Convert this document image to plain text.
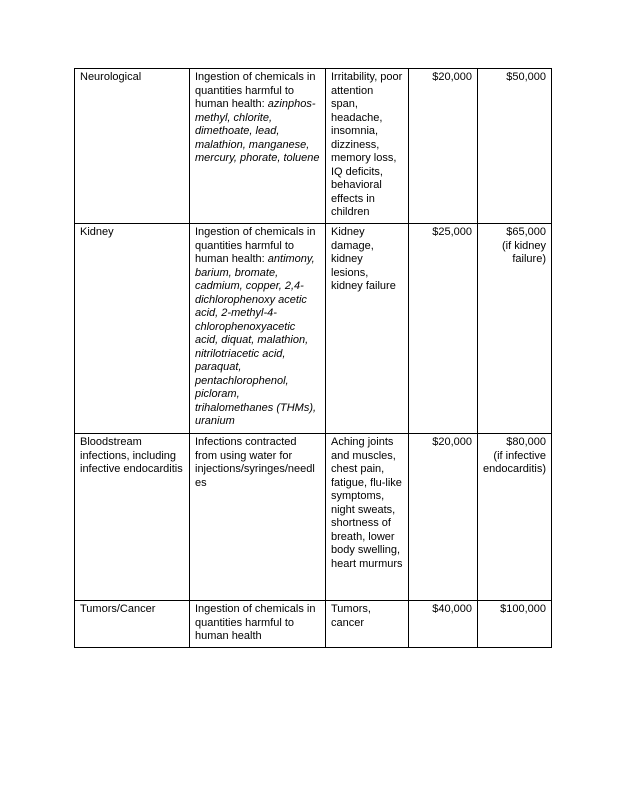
Neurological	Ingestion of chemicals in quantities harmful to human health: azinphos-methyl, chlorite, dimethoate, lead, malathion, manganese, mercury, phorate, toluene	Irritability, poor attention span, headache, insomnia, dizziness, memory loss, IQ deficits, behavioral effects in children	$20,000	$50,000

Kidney	Ingestion of chemicals in quantities harmful to human health: antimony, barium, bromate, cadmium, copper, 2,4-dichlorophenoxy acetic acid, 2-methyl-4-chlorophenoxyacetic acid, diquat, malathion, nitrilotriacetic acid, paraquat, pentachlorophenol, picloram, trihalomethanes (THMs), uranium	Kidney damage, kidney lesions, kidney failure	$25,000	$65,000
(if kidney failure)

Bloodstream infections, including infective endocarditis	Infections contracted from using water for injections/syringes/needles	Aching joints and muscles, chest pain, fatigue, flu-like symptoms, night sweats, shortness of breath, lower body swelling, heart murmurs	$20,000	$80,000
(if infective endocarditis)

Tumors/Cancer	Ingestion of chemicals in quantities harmful to human health	Tumors, cancer	$40,000	$100,000
